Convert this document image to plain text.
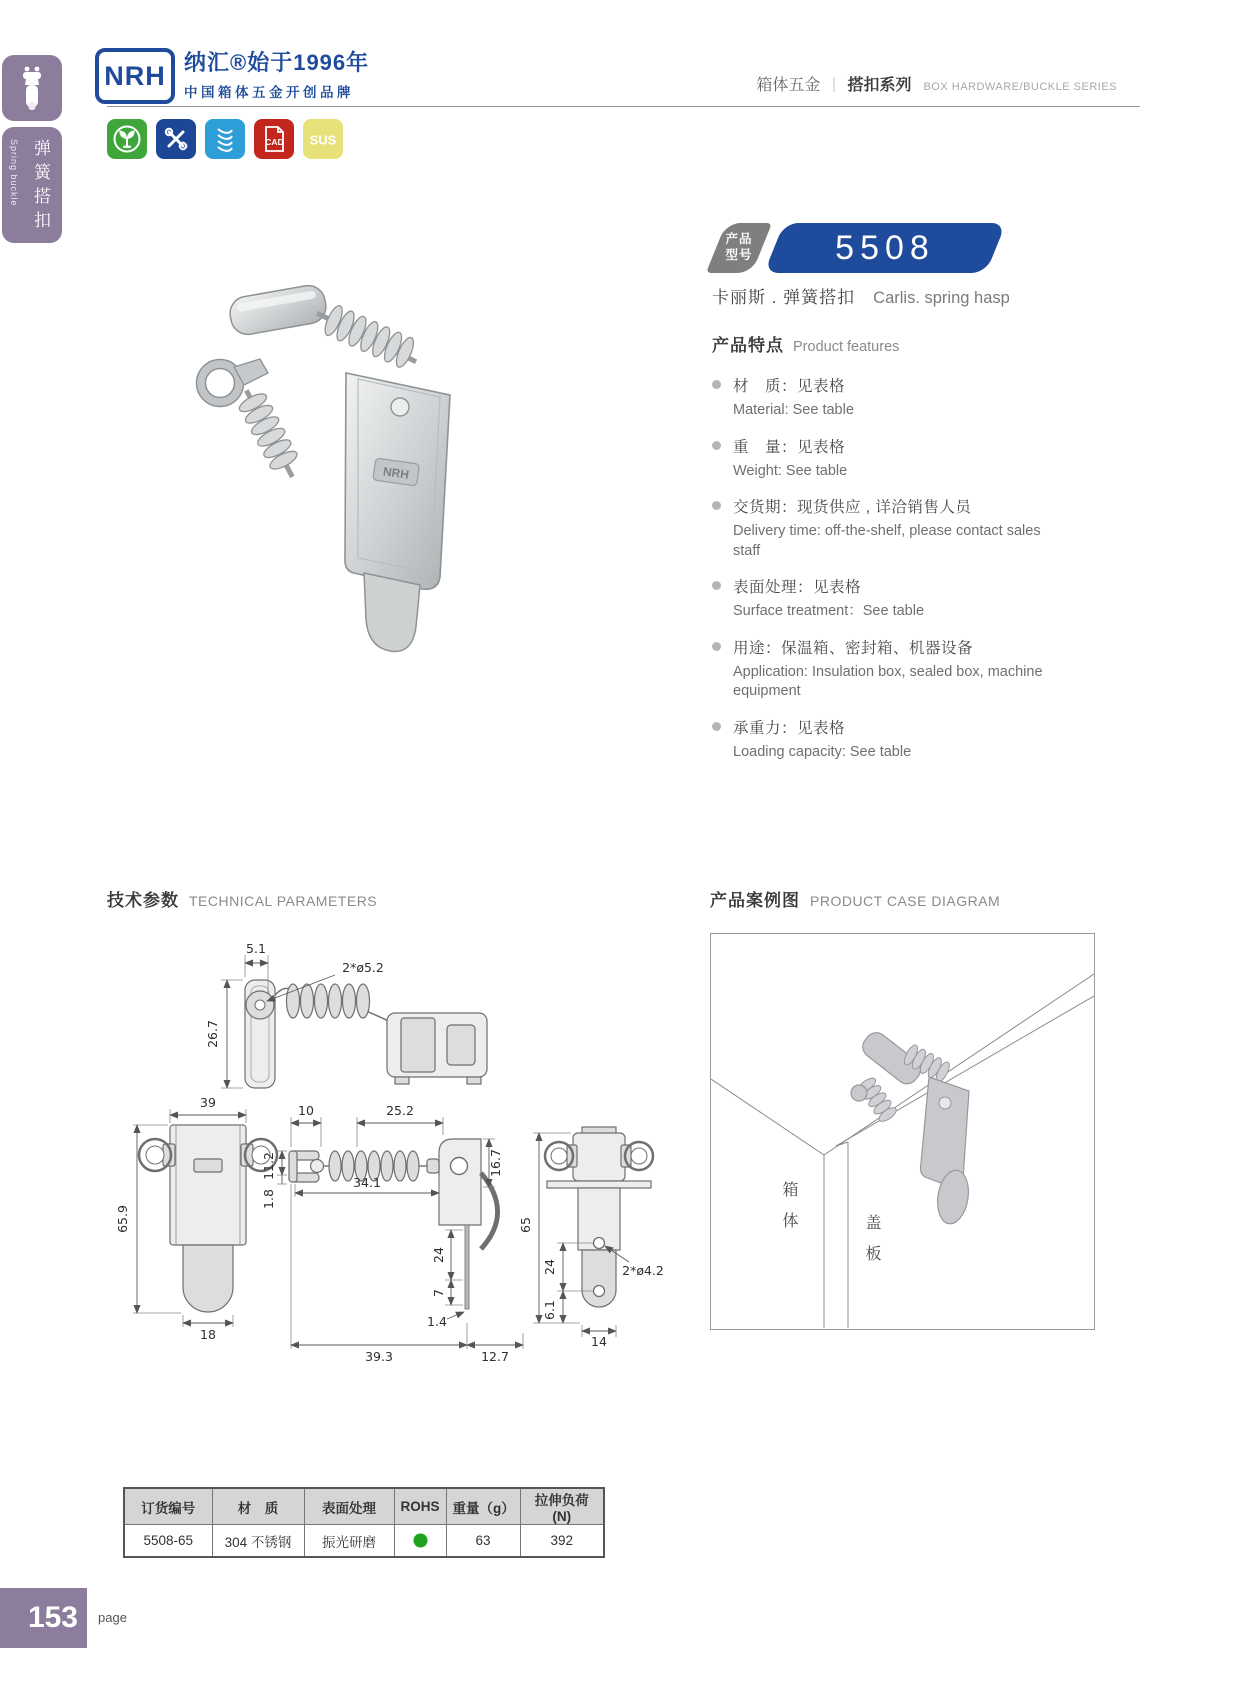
Spring buckle 弹簧搭扣
NRH 纳汇®始于1996年
中国箱体五金开创品牌	箱体五金 ｜ 搭扣系列 BOX HARDWARE/BUCKLE SERIES
CAD SUS
NRH
产品
型号	5508
卡丽斯 . 弹簧搭扣 Carlis. spring hasp
产品特点 Product features
材　质：见表格
Material: See table
重　量：见表格
Weight: See table
交货期：现货供应 , 详洽销售人员
Delivery time: off-the-shelf, please contact sales staff
表面处理：见表格
Surface treatment：See table
用途：保温箱、密封箱、机器设备
Application: Insulation box, sealed box, machine equipment
承重力：见表格
Loading capacity: See table
技术参数 TECHNICAL PARAMETERS	产品案例图 PRODUCT CASE DIAGRAM
5.1
2*ø5.2
26.7
39
65.9
18
10	25.2
11.2
1.8
34.1
16.7
24
7
1.4
39.3	12.7
65
24	2*ø4.2
6.1
14
箱体
盖板
订货编号	材　质	表面处理	ROHS	重量（g）	拉伸负荷 (N)
5508-65	304 不锈钢	振光研磨		63	392
153 page
